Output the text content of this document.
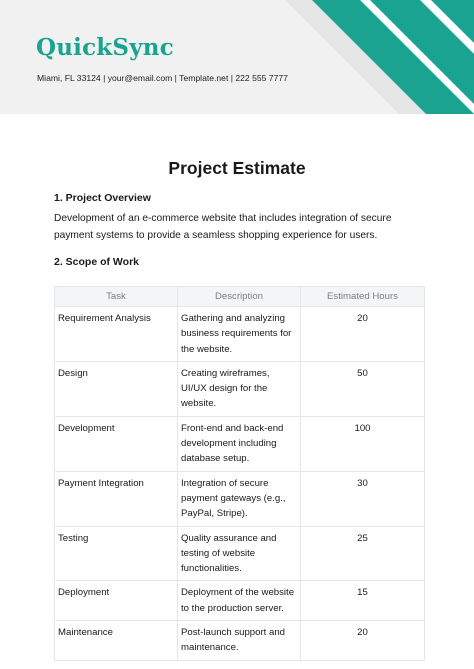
QuickSync
Miami, FL 33124 | your@email.com | Template.net | 222 555 7777
Project Estimate
1. Project Overview
Development of an e-commerce website that includes integration of secure payment systems to provide a seamless shopping experience for users.
2. Scope of Work
Task	Description	Estimated Hours
Requirement Analysis	Gathering and analyzing business requirements for the website.	20
Design	Creating wireframes, UI/UX design for the website.	50
Development	Front-end and back-end development including database setup.	100
Payment Integration	Integration of secure payment gateways (e.g., PayPal, Stripe).	30
Testing	Quality assurance and testing of website functionalities.	25
Deployment	Deployment of the website to the production server.	15
Maintenance	Post-launch support and maintenance.	20
